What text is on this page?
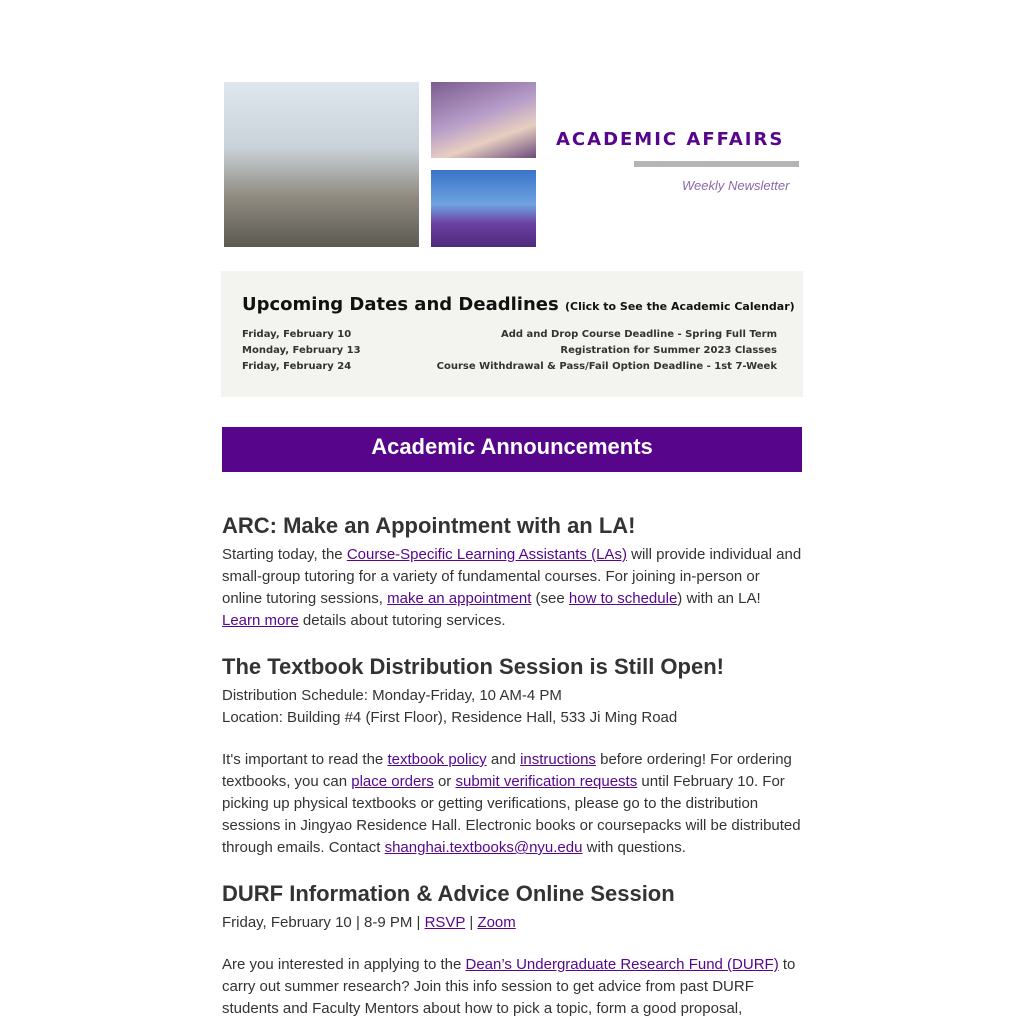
ACADEMIC AFFAIRS
Weekly Newsletter
Upcoming Dates and Deadlines (Click to See the Academic Calendar)
Friday, February 10	Add and Drop Course Deadline - Spring Full Term
Monday, February 13	Registration for Summer 2023 Classes
Friday, February 24	Course Withdrawal & Pass/Fail Option Deadline - 1st 7-Week
Academic Announcements
ARC: Make an Appointment with an LA!

Starting today, the Course-Specific Learning Assistants (LAs) will provide individual and small-group tutoring for a variety of fundamental courses. For joining in-person or online tutoring sessions, make an appointment (see how to schedule) with an LA! Learn more details about tutoring services.

The Textbook Distribution Session is Still Open!

Distribution Schedule: Monday-Friday, 10 AM-4 PM

Location: Building #4 (First Floor), Residence Hall, 533 Ji Ming Road

It's important to read the textbook policy and instructions before ordering! For ordering textbooks, you can place orders or submit verification requests until February 10. For picking up physical textbooks or getting verifications, please go to the distribution sessions in Jingyao Residence Hall. Electronic books or coursepacks will be distributed through emails. Contact shanghai.textbooks@nyu.edu with questions.

DURF Information & Advice Online Session

Friday, February 10 | 8-9 PM | RSVP | Zoom

Are you interested in applying to the Dean’s Undergraduate Research Fund (DURF) to carry out summer research? Join this info session to get advice from past DURF students and Faculty Mentors about how to pick a topic, form a good proposal,
